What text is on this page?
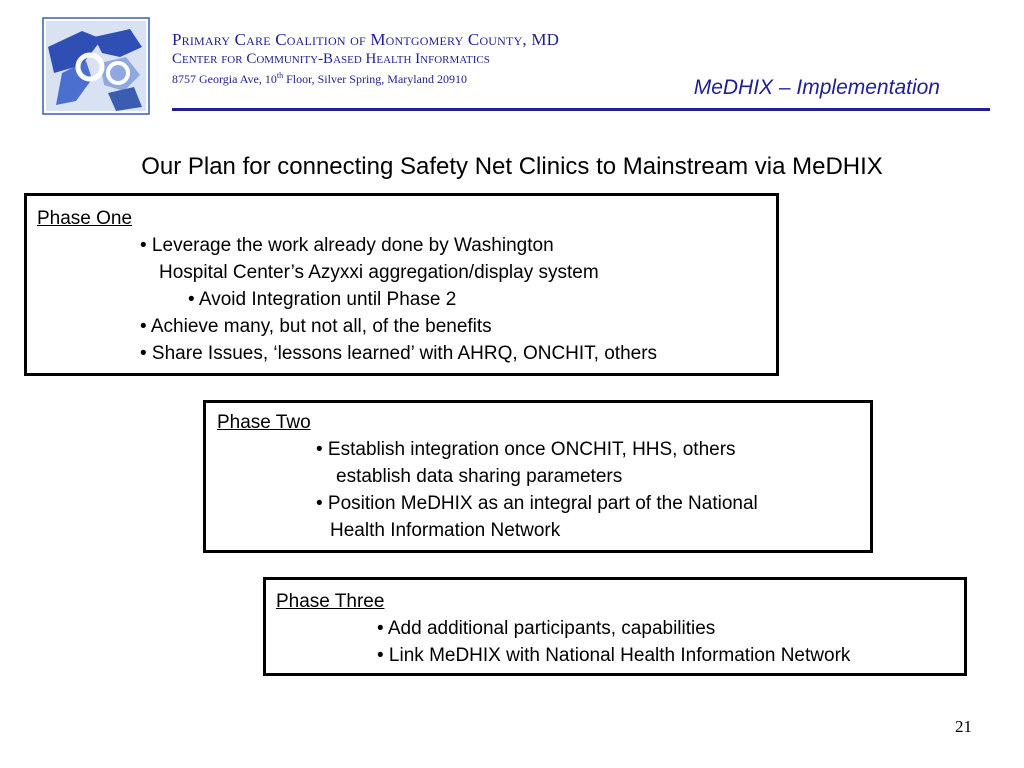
Primary Care Coalition of Montgomery County, MD
Center for Community-Based Health Informatics
8757 Georgia Ave, 10th Floor, Silver Spring, Maryland 20910	MeDHIX – Implementation
Our Plan for connecting Safety Net Clinics to Mainstream via MeDHIX
Phase One
• Leverage the work already done by Washington
Hospital Center’s Azyxxi aggregation/display system
• Avoid Integration until Phase 2
• Achieve many, but not all, of the benefits
• Share Issues, ‘lessons learned’ with AHRQ, ONCHIT, others
Phase Two
• Establish integration once ONCHIT, HHS, others
establish data sharing parameters
• Position MeDHIX as an integral part of the National
Health Information Network
Phase Three
• Add additional participants, capabilities
• Link MeDHIX with National Health Information Network
21
